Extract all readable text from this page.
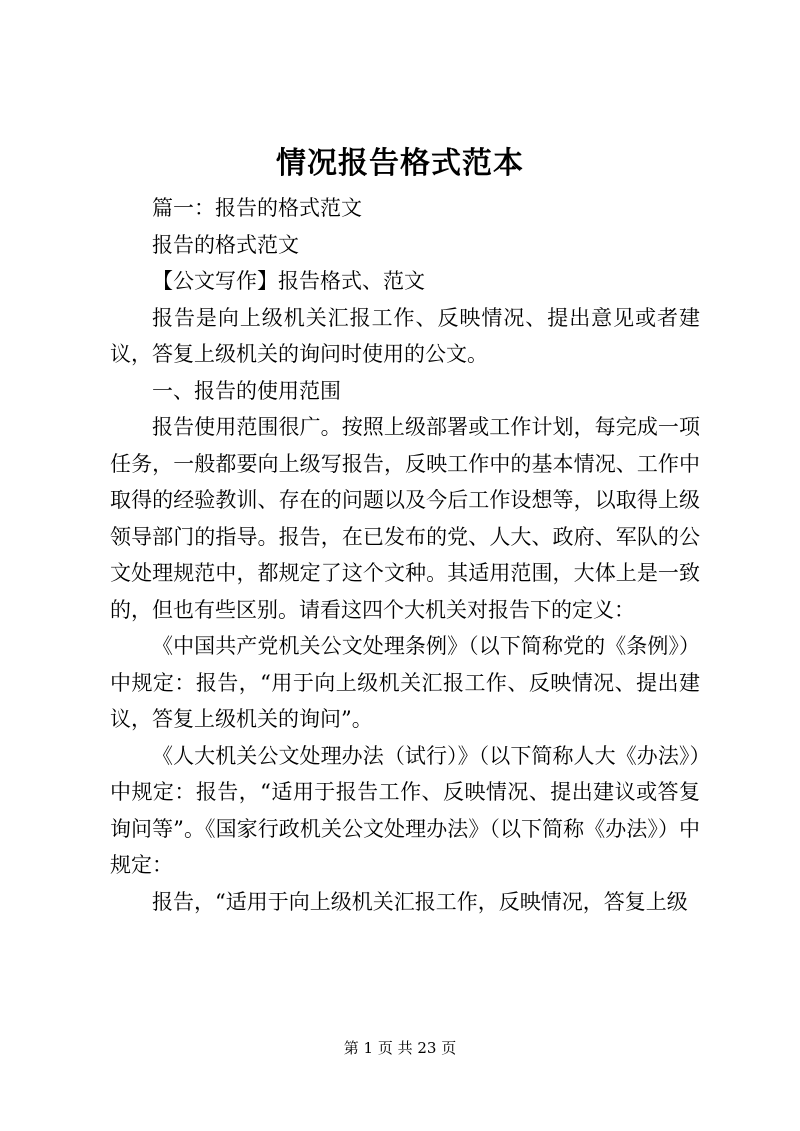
情况报告格式范本

篇一：报告的格式范文

报告的格式范文

【公文写作】报告格式、范文

报告是向上级机关汇报工作、反映情况、提出意见或者建议，答复上级机关的询问时使用的公文。

一、报告的使用范围

报告使用范围很广。按照上级部署或工作计划，每完成一项任务，一般都要向上级写报告，反映工作中的基本情况、工作中取得的经验教训、存在的问题以及今后工作设想等，以取得上级领导部门的指导。报告，在已发布的党、人大、政府、军队的公文处理规范中，都规定了这个文种。其适用范围，大体上是一致的，但也有些区别。请看这四个大机关对报告下的定义：

《中国共产党机关公文处理条例》（以下简称党的《条例》）中规定：报告，“用于向上级机关汇报工作、反映情况、提出建议，答复上级机关的询问”。

《人大机关公文处理办法（试行）》（以下简称人大《办法》）中规定：报告，“适用于报告工作、反映情况、提出建议或答复询问等”。《国家行政机关公文处理办法》（以下简称《办法》）中规定：

报告，“适用于向上级机关汇报工作，反映情况，答复上级

第 1 页 共 23 页
